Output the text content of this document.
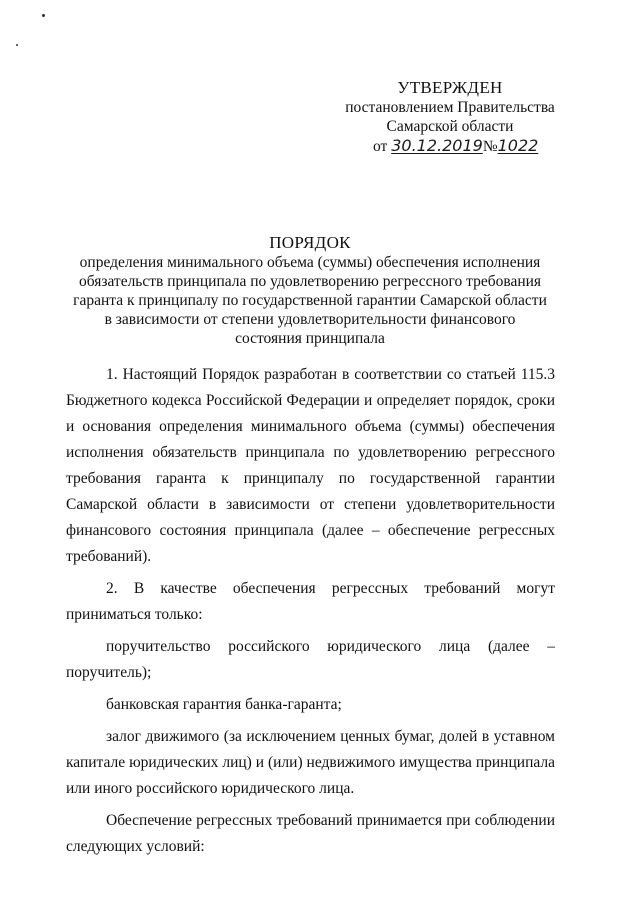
УТВЕРЖДЕН
постановлением Правительства
Самарской области
от 30.12.2019№1022
ПОРЯДОК
определения минимального объема (суммы) обеспечения исполнения
обязательств принципала по удовлетворению регрессного требования
гаранта к принципалу по государственной гарантии Самарской области
в зависимости от степени удовлетворительности финансового
состояния принципала

1. Настоящий Порядок разработан в соответствии со статьей 115.3 Бюджетного кодекса Российской Федерации и определяет порядок, сроки и основания определения минимального объема (суммы) обеспечения исполнения обязательств принципала по удовлетворению регрессного требования гаранта к принципалу по государственной гарантии Самарской области в зависимости от степени удовлетворительности финансового состояния принципала (далее – обеспечение регрессных требований).

2. В качестве обеспечения регрессных требований могут приниматься только:

поручительство российского юридического лица (далее – поручитель);

банковская гарантия банка-гаранта;

залог движимого (за исключением ценных бумаг, долей в уставном капитале юридических лиц) и (или) недвижимого имущества принципала или иного российского юридического лица.

Обеспечение регрессных требований принимается при соблюдении следующих условий:
